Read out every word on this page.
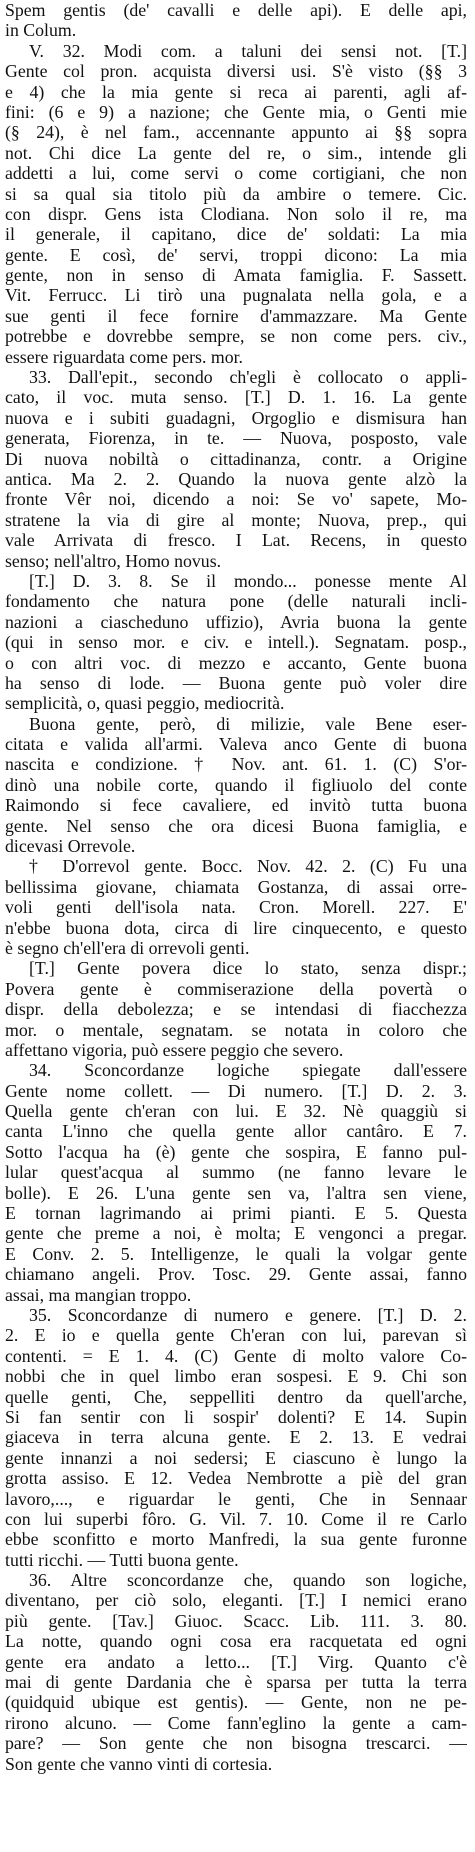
Spem gentis (de' cavalli e delle api). E delle api,
in Colum.
V. 32. Modi com. a taluni dei sensi not. [T.]
Gente col pron. acquista diversi usi. S'è visto (§§ 3
e 4) che la mia gente si reca ai parenti, agli af-
fini: (6 e 9) a nazione; che Gente mia, o Genti mie
(§ 24), è nel fam., accennante appunto ai §§ sopra
not. Chi dice La gente del re, o sim., intende gli
addetti a lui, come servi o come cortigiani, che non
si sa qual sia titolo più da ambire o temere. Cic.
con dispr. Gens ista Clodiana. Non solo il re, ma
il generale, il capitano, dice de' soldati: La mia
gente. E così, de' servi, troppi dicono: La mia
gente, non in senso di Amata famiglia. F. Sassett.
Vit. Ferrucc. Li tirò una pugnalata nella gola, e a
sue genti il fece fornire d'ammazzare. Ma Gente
potrebbe e dovrebbe sempre, se non come pers. civ.,
essere riguardata come pers. mor.
33. Dall'epit., secondo ch'egli è collocato o appli-
cato, il voc. muta senso. [T.] D. 1. 16. La gente
nuova e i subiti guadagni, Orgoglio e dismisura han
generata, Fiorenza, in te. — Nuova, posposto, vale
Di nuova nobiltà o cittadinanza, contr. a Origine
antica. Ma 2. 2. Quando la nuova gente alzò la
fronte Vêr noi, dicendo a noi: Se vo' sapete, Mo-
stratene la via di gire al monte; Nuova, prep., qui
vale Arrivata di fresco. I Lat. Recens, in questo
senso; nell'altro, Homo novus.
[T.] D. 3. 8. Se il mondo... ponesse mente Al
fondamento che natura pone (delle naturali incli-
nazioni a ciascheduno uffizio), Avria buona la gente
(qui in senso mor. e civ. e intell.). Segnatam. posp.,
o con altri voc. di mezzo e accanto, Gente buona
ha senso di lode. — Buona gente può voler dire
semplicità, o, quasi peggio, mediocrità.
Buona gente, però, di milizie, vale Bene eser-
citata e valida all'armi. Valeva anco Gente di buona
nascita e condizione. † Nov. ant. 61. 1. (C) S'or-
dinò una nobile corte, quando il figliuolo del conte
Raimondo si fece cavaliere, ed invitò tutta buona
gente. Nel senso che ora dicesi Buona famiglia, e
dicevasi Orrevole.
† D'orrevol gente. Bocc. Nov. 42. 2. (C) Fu una
bellissima giovane, chiamata Gostanza, di assai orre-
voli genti dell'isola nata. Cron. Morell. 227. E'
n'ebbe buona dota, circa di lire cinquecento, e questo
è segno ch'ell'era di orrevoli genti.
[T.] Gente povera dice lo stato, senza dispr.;
Povera gente è commiserazione della povertà o
dispr. della debolezza; e se intendasi di fiacchezza
mor. o mentale, segnatam. se notata in coloro che
affettano vigoria, può essere peggio che severo.
34. Sconcordanze logiche spiegate dall'essere
Gente nome collett. — Di numero. [T.] D. 2. 3.
Quella gente ch'eran con lui. E 32. Nè quaggiù si
canta L'inno che quella gente allor cantâro. E 7.
Sotto l'acqua ha (è) gente che sospira, E fanno pul-
lular quest'acqua al summo (ne fanno levare le
bolle). E 26. L'una gente sen va, l'altra sen viene,
E tornan lagrimando ai primi pianti. E 5. Questa
gente che preme a noi, è molta; E vengonci a pregar.
E Conv. 2. 5. Intelligenze, le quali la volgar gente
chiamano angeli. Prov. Tosc. 29. Gente assai, fanno
assai, ma mangian troppo.
35. Sconcordanze di numero e genere. [T.] D. 2.
2. E io e quella gente Ch'eran con lui, parevan sì
contenti. = E 1. 4. (C) Gente di molto valore Co-
nobbi che in quel limbo eran sospesi. E 9. Chi son
quelle genti, Che, seppelliti dentro da quell'arche,
Si fan sentir con li sospir' dolenti? E 14. Supin
giaceva in terra alcuna gente. E 2. 13. E vedrai
gente innanzi a noi sedersi; E ciascuno è lungo la
grotta assiso. E 12. Vedea Nembrotte a piè del gran
lavoro,..., e riguardar le genti, Che in Sennaar
con lui superbi fôro. G. Vil. 7. 10. Come il re Carlo
ebbe sconfitto e morto Manfredi, la sua gente furonne
tutti ricchi. — Tutti buona gente.
36. Altre sconcordanze che, quando son logiche,
diventano, per ciò solo, eleganti. [T.] I nemici erano
più gente. [Tav.] Giuoc. Scacc. Lib. 111. 3. 80.
La notte, quando ogni cosa era racquetata ed ogni
gente era andato a letto... [T.] Virg. Quanto c'è
mai di gente Dardania che è sparsa per tutta la terra
(quidquid ubique est gentis). — Gente, non ne pe-
rirono alcuno. — Come fann'eglino la gente a cam-
pare? — Son gente che non bisogna trescarci. —
Son gente che vanno vinti di cortesia.
